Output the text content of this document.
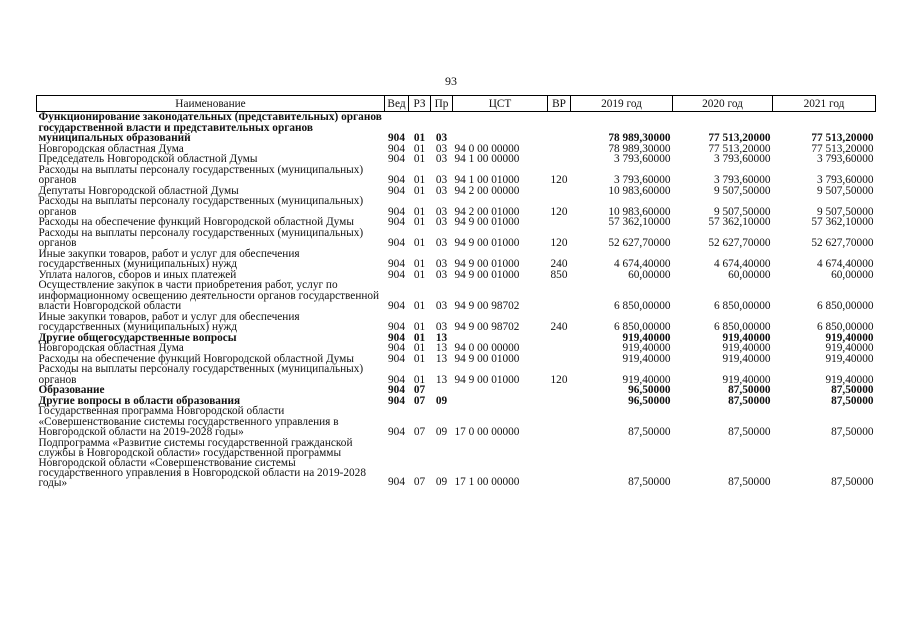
93
Наименование	Вед	РЗ	Пр	ЦСТ	ВР	2019 год	2020 год	2021 год
Функционирование законодательных (представительных) органов государственной власти и представительных органов муниципальных образований	904	01	03			78 989,30000	77 513,20000	77 513,20000
Новгородская областная Дума	904	01	03	94 0 00 00000		78 989,30000	77 513,20000	77 513,20000
Председатель Новгородской областной Думы	904	01	03	94 1 00 00000		3 793,60000	3 793,60000	3 793,60000
Расходы на выплаты персоналу государственных (муниципальных) органов	904	01	03	94 1 00 01000	120	3 793,60000	3 793,60000	3 793,60000
Депутаты Новгородской областной Думы	904	01	03	94 2 00 00000		10 983,60000	9 507,50000	9 507,50000
Расходы на выплаты персоналу государственных (муниципальных) органов	904	01	03	94 2 00 01000	120	10 983,60000	9 507,50000	9 507,50000
Расходы на обеспечение функций Новгородской областной Думы	904	01	03	94 9 00 01000		57 362,10000	57 362,10000	57 362,10000
Расходы на выплаты персоналу государственных (муниципальных) органов	904	01	03	94 9 00 01000	120	52 627,70000	52 627,70000	52 627,70000
Иные закупки товаров, работ и услуг для обеспечения государственных (муниципальных) нужд	904	01	03	94 9 00 01000	240	4 674,40000	4 674,40000	4 674,40000
Уплата налогов, сборов и иных платежей	904	01	03	94 9 00 01000	850	60,00000	60,00000	60,00000
Осуществление закупок в части приобретения работ, услуг по информационному освещению деятельности органов государственной власти Новгородской области	904	01	03	94 9 00 98702		6 850,00000	6 850,00000	6 850,00000
Иные закупки товаров, работ и услуг для обеспечения государственных (муниципальных) нужд	904	01	03	94 9 00 98702	240	6 850,00000	6 850,00000	6 850,00000
Другие общегосударственные вопросы	904	01	13			919,40000	919,40000	919,40000
Новгородская областная Дума	904	01	13	94 0 00 00000		919,40000	919,40000	919,40000
Расходы на обеспечение функций Новгородской областной Думы	904	01	13	94 9 00 01000		919,40000	919,40000	919,40000
Расходы на выплаты персоналу государственных (муниципальных) органов	904	01	13	94 9 00 01000	120	919,40000	919,40000	919,40000
Образование	904	07				96,50000	87,50000	87,50000
Другие вопросы в области образования	904	07	09			96,50000	87,50000	87,50000
Государственная программа Новгородской области «Совершенствование системы государственного управления в Новгородской области на 2019-2028 годы»	904	07	09	17 0 00 00000		87,50000	87,50000	87,50000
Подпрограмма «Развитие системы государственной гражданской службы в Новгородской области» государственной программы Новгородской области «Совершенствование системы государственного управления в Новгородской области на 2019-2028 годы»	904	07	09	17 1 00 00000		87,50000	87,50000	87,50000
